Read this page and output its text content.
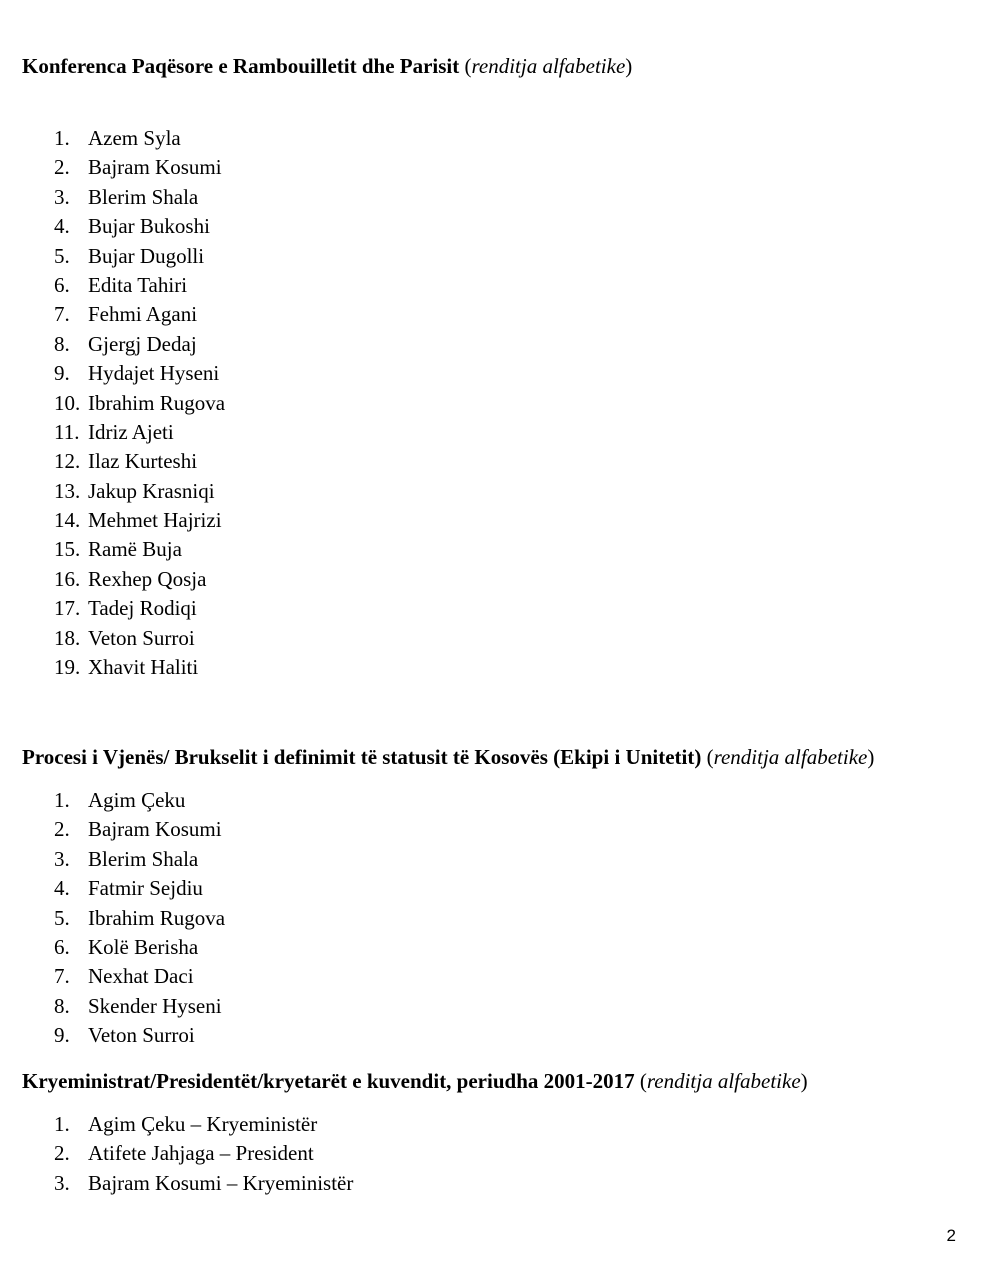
Konferenca Paqësore e Rambouilletit dhe Parisit (renditja alfabetike)

1. Azem Syla
2. Bajram Kosumi
3. Blerim Shala
4. Bujar Bukoshi
5. Bujar Dugolli
6. Edita Tahiri
7. Fehmi Agani
8. Gjergj Dedaj
9. Hydajet Hyseni
10. Ibrahim Rugova
11. Idriz Ajeti
12. Ilaz Kurteshi
13. Jakup Krasniqi
14. Mehmet Hajrizi
15. Ramë Buja
16. Rexhep Qosja
17. Tadej Rodiqi
18. Veton Surroi
19. Xhavit Haliti

Procesi i Vjenës/ Brukselit i definimit të statusit të Kosovës (Ekipi i Unitetit) (renditja alfabetike)

1. Agim Çeku
2. Bajram Kosumi
3. Blerim Shala
4. Fatmir Sejdiu
5. Ibrahim Rugova
6. Kolë Berisha
7. Nexhat Daci
8. Skender Hyseni
9. Veton Surroi

Kryeministrat/Presidentët/kryetarët e kuvendit, periudha 2001-2017 (renditja alfabetike)

1. Agim Çeku – Kryeministër
2. Atifete Jahjaga – President
3. Bajram Kosumi – Kryeministër
2
